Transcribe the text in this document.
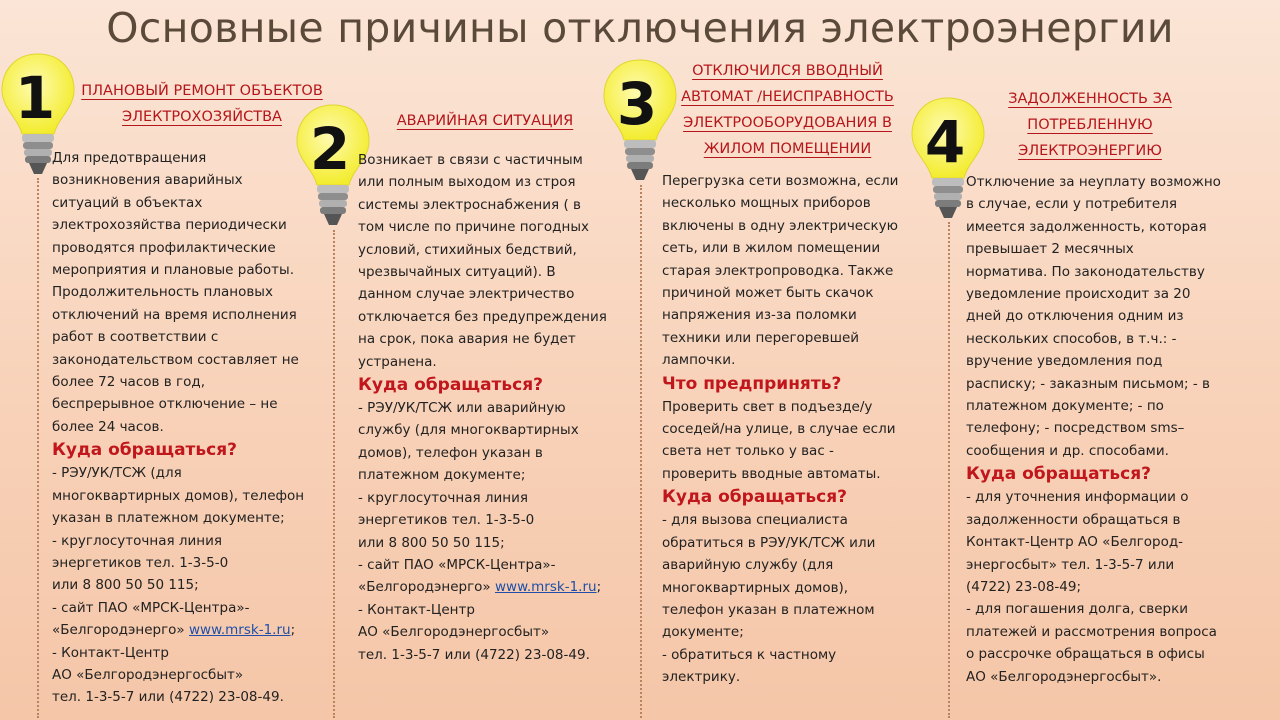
Основные причины отключения электроэнергии
1	ПЛАНОВЫЙ РЕМОНТ ОБЪЕКТОВ
ЭЛЕКТРОХОЗЯЙСТВА

Для предотвращения

возникновения аварийных

ситуаций в объектах

электрохозяйства периодически

проводятся профилактические

мероприятия и плановые работы.

Продолжительность плановых

отключений на время исполнения

работ в соответствии с

законодательством составляет не

более 72 часов в год,

беспрерывное отключение – не

более 24 часов.

Куда обращаться?

- РЭУ/УК/ТСЖ (для

многоквартирных домов), телефон

указан в платежном документе;

- круглосуточная линия

энергетиков тел. 1-3-5-0

или 8 800 50 50 115;

- сайт ПАО «МРСК-Центра»-

«Белгородэнерго» www.mrsk-1.ru;

- Контакт-Центр

АО «Белгородэнергосбыт»

тел. 1-3-5-7 или (4722) 23-08-49.

2	АВАРИЙНАЯ СИТУАЦИЯ

Возникает в связи с частичным

или полным выходом из строя

системы электроснабжения ( в

том числе по причине погодных

условий, стихийных бедствий,

чрезвычайных ситуаций). В

данном случае электричество

отключается без предупреждения

на срок, пока авария не будет

устранена.

Куда обращаться?

- РЭУ/УК/ТСЖ или аварийную

службу (для многоквартирных

домов), телефон указан в

платежном документе;

- круглосуточная линия

энергетиков тел. 1-3-5-0

или 8 800 50 50 115;

- сайт ПАО «МРСК-Центра»-

«Белгородэнерго» www.mrsk-1.ru;

- Контакт-Центр

АО «Белгородэнергосбыт»

тел. 1-3-5-7 или (4722) 23-08-49.

3	ОТКЛЮЧИЛСЯ ВВОДНЫЙ
АВТОМАТ /НЕИСПРАВНОСТЬ
ЭЛЕКТРООБОРУДОВАНИЯ В
ЖИЛОМ ПОМЕЩЕНИИ

Перегрузка сети возможна, если

несколько мощных приборов

включены в одну электрическую

сеть, или в жилом помещении

старая электропроводка. Также

причиной может быть скачок

напряжения из-за поломки

техники или перегоревшей

лампочки.

Что предпринять?

Проверить свет в подъезде/у

соседей/на улице, в случае если

света нет только у вас -

проверить вводные автоматы.

Куда обращаться?

- для вызова специалиста

обратиться в РЭУ/УК/ТСЖ или

аварийную службу (для

многоквартирных домов),

телефон указан в платежном

документе;

- обратиться к частному

электрику.

4
ЗАДОЛЖЕННОСТЬ ЗА
ПОТРЕБЛЕННУЮ
ЭЛЕКТРОЭНЕРГИЮ

Отключение за неуплату возможно

в случае, если у потребителя

имеется задолженность, которая

превышает 2 месячных

норматива. По законодательству

уведомление происходит за 20

дней до отключения одним из

нескольких способов, в т.ч.: -

вручение уведомления под

расписку; - заказным письмом; - в

платежном документе; - по

телефону; - посредством sms–

сообщения и др. способами.

Куда обращаться?

- для уточнения информации о

задолженности обращаться в

Контакт-Центр АО «Белгород-

энергосбыт» тел. 1-3-5-7 или

(4722) 23-08-49;

- для погашения долга, сверки

платежей и рассмотрения вопроса

о рассрочке обращаться в офисы

АО «Белгородэнергосбыт».
